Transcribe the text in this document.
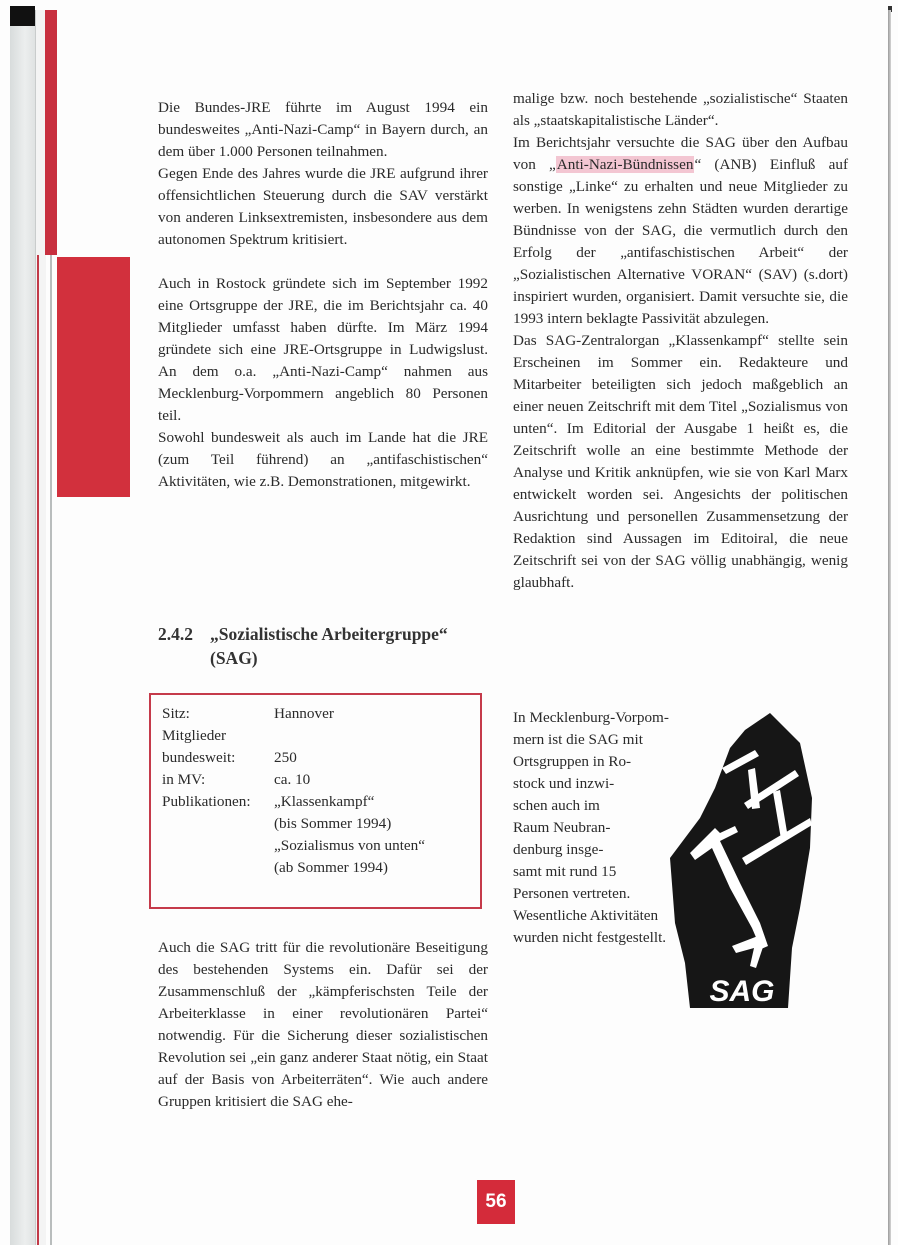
Die Bundes-JRE führte im August 1994 ein bundesweites „Anti-Nazi-Camp“ in Bayern durch, an dem über 1.000 Personen teilnahmen.

Gegen Ende des Jahres wurde die JRE aufgrund ihrer offensichtlichen Steuerung durch die SAV verstärkt von anderen Linksextremisten, insbesondere aus dem autonomen Spektrum kritisiert.

Auch in Rostock gründete sich im September 1992 eine Ortsgruppe der JRE, die im Berichtsjahr ca. 40 Mitglieder umfasst haben dürfte. Im März 1994 gründete sich eine JRE-Ortsgruppe in Ludwigslust. An dem o.a. „Anti-Nazi-Camp“ nahmen aus Mecklenburg-Vorpommern angeblich 80 Personen teil.

Sowohl bundesweit als auch im Lande hat die JRE (zum Teil führend) an „antifaschistischen“ Aktivitäten, wie z.B. Demonstrationen, mitgewirkt.

2.4.2 „Sozialistische Arbeitergruppe“
(SAG)
Sitz:	Hannover
Mitglieder
bundesweit:	250
in MV:	ca. 10
Publikationen:	„Klassenkampf“
(bis Sommer 1994)
„Sozialismus von unten“
(ab Sommer 1994)

Auch die SAG tritt für die revolutionäre Beseitigung des bestehenden Systems ein. Dafür sei der Zusammenschluß der „kämpferischsten Teile der Arbeiterklasse in einer revolutionären Partei“ notwendig. Für die Sicherung dieser sozialistischen Revolution sei „ein ganz anderer Staat nötig, ein Staat auf der Basis von Arbeiterräten“. Wie auch andere Gruppen kritisiert die SAG ehe-

malige bzw. noch bestehende „sozialistische“ Staaten als „staatskapitalistische Länder“.

Im Berichtsjahr versuchte die SAG über den Aufbau von „Anti-Nazi-Bündnissen“ (ANB) Einfluß auf sonstige „Linke“ zu erhalten und neue Mitglieder zu werben. In wenigstens zehn Städten wurden derartige Bündnisse von der SAG, die vermutlich durch den Erfolg der „antifaschistischen Arbeit“ der „Sozialistischen Alternative VORAN“ (SAV) (s.dort) inspiriert wurden, organisiert. Damit versuchte sie, die 1993 intern beklagte Passivität abzulegen.

Das SAG-Zentralorgan „Klassenkampf“ stellte sein Erscheinen im Sommer ein. Redakteure und Mitarbeiter beteiligten sich jedoch maßgeblich an einer neuen Zeitschrift mit dem Titel „Sozialismus von unten“. Im Editorial der Ausgabe 1 heißt es, die Zeitschrift wolle an eine bestimmte Methode der Analyse und Kritik anknüpfen, wie sie von Karl Marx entwickelt worden sei. Angesichts der politischen Ausrichtung und personellen Zusammensetzung der Redaktion sind Aussagen im Editoiral, die neue Zeitschrift sei von der SAG völlig unabhängig, wenig glaubhaft.

In Mecklenburg-Vorpom-
mern ist die SAG mit
Ortsgruppen in Ro-
stock und inzwi-
schen auch im
Raum Neubran-
denburg insge-
samt mit rund 15
Personen vertreten.
Wesentliche Aktivitäten
wurden nicht festgestellt.
SAG
56
